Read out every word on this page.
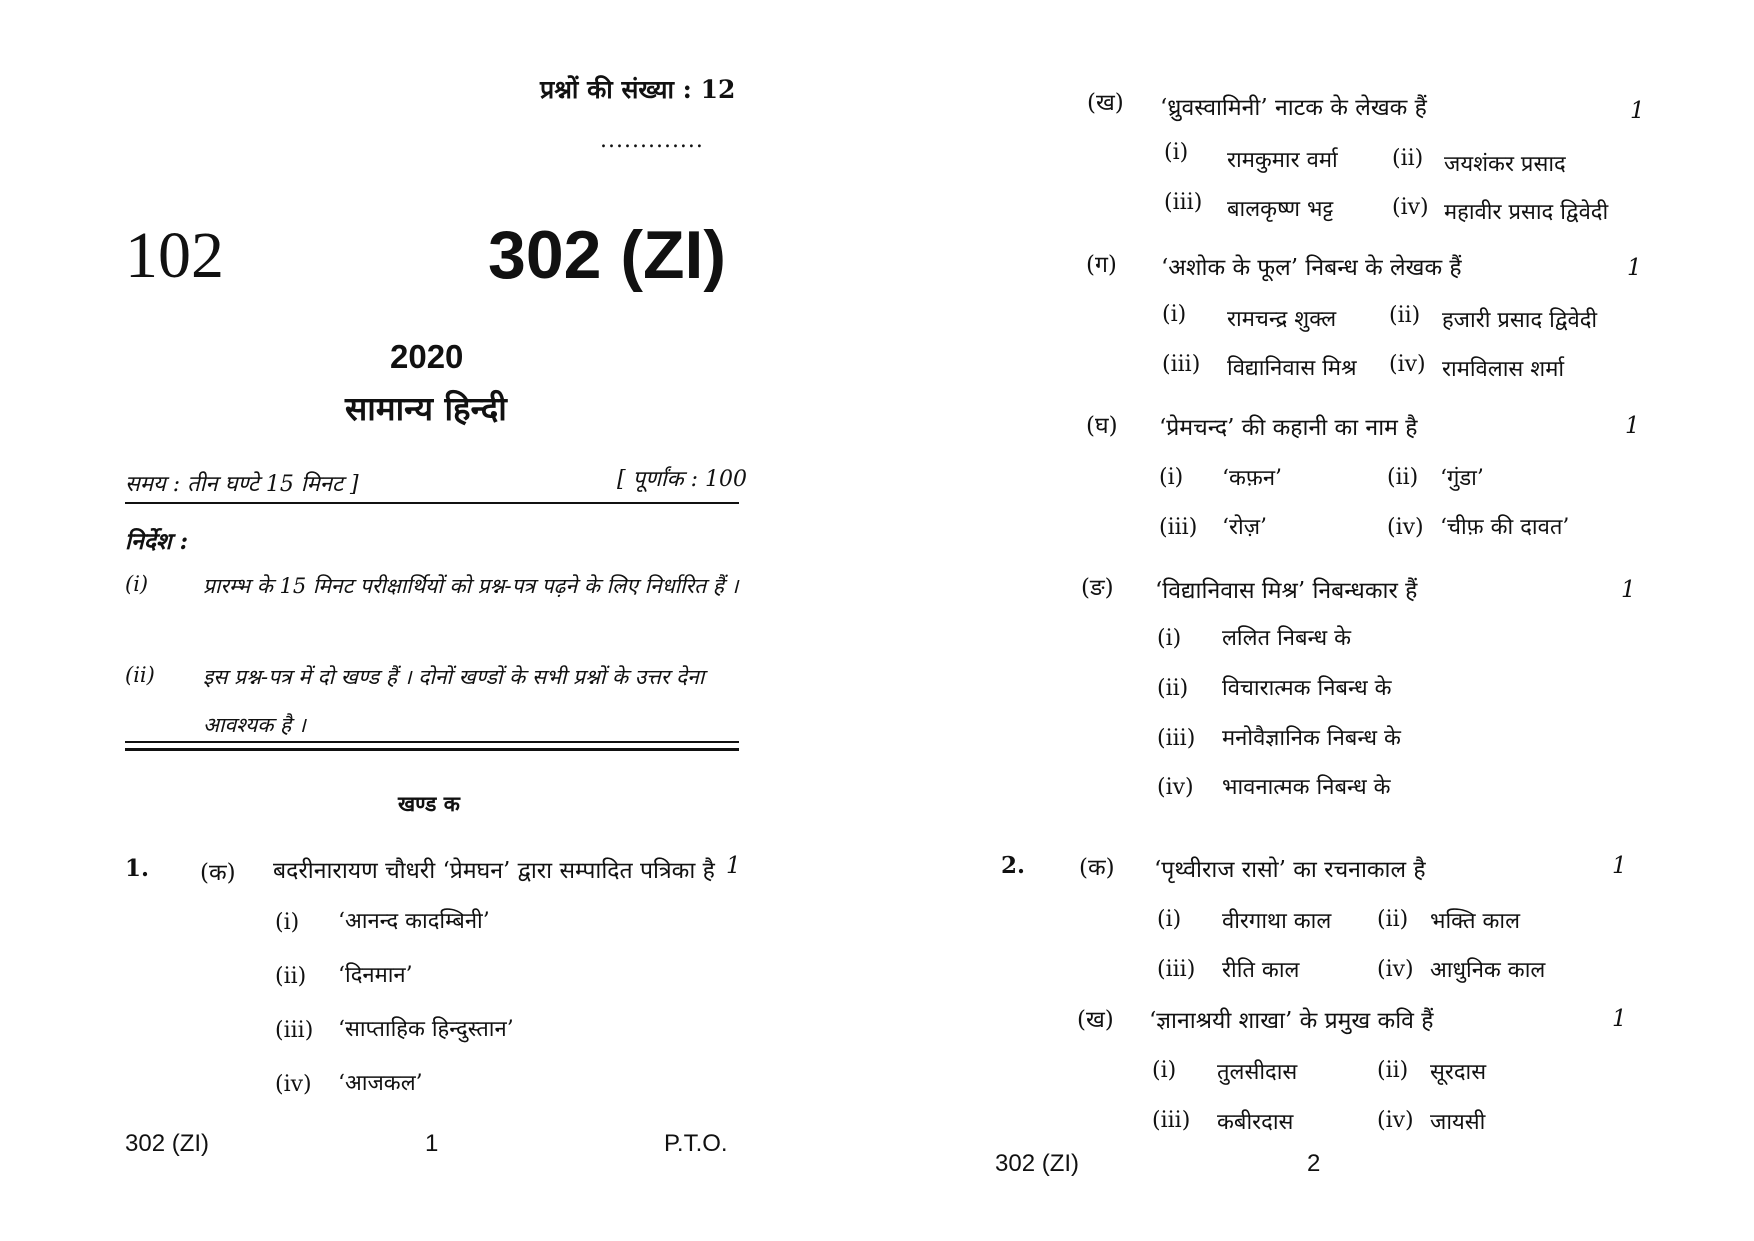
प्रश्नों की संख्या : 12
.............
102	302 (ZI)
2020
सामान्य हिन्दी
समय : तीन घण्टे 15 मिनट ]	[ पूर्णांक : 100
निर्देश :
(i)	प्रारम्भ के 15 मिनट परीक्षार्थियों को प्रश्न-पत्र पढ़ने के लिए निर्धारित हैं ।
(ii) इस प्रश्न-पत्र में दो खण्ड हैं । दोनों खण्डों के सभी प्रश्नों के उत्तर देना आवश्यक है ।
खण्ड क
1. (क) बदरीनारायण चौधरी ‘प्रेमघन’ द्वारा सम्पादित पत्रिका है 1
(i) ‘आनन्द कादम्बिनी’
(ii) ‘दिनमान’
(iii) ‘साप्ताहिक हिन्दुस्तान’
(iv) ‘आजकल’
302 (ZI)	1	P.T.O.
(ख) ‘ध्रुवस्वामिनी’ नाटक के लेखक हैं	1
(i) रामकुमार वर्मा (ii) जयशंकर प्रसाद
(iii) बालकृष्ण भट्ट	(iv) महावीर प्रसाद द्विवेदी
(ग) ‘अशोक के फूल’ निबन्ध के लेखक हैं	1
(i) रामचन्द्र शुक्ल (ii) हजारी प्रसाद द्विवेदी
(iii) विद्यानिवास मिश्र (iv) रामविलास शर्मा
(घ) ‘प्रेमचन्द’ की कहानी का नाम है	1
(i) ‘कफ़न’	(ii) ‘गुंडा’
(iii) ‘रोज़’	(iv) ‘चीफ़ की दावत’
(ङ) ‘विद्यानिवास मिश्र’ निबन्धकार हैं	1
(i) ललित निबन्ध के
(ii) विचारात्मक निबन्ध के
(iii) मनोवैज्ञानिक निबन्ध के
(iv) भावनात्मक निबन्ध के
2. (क) ‘पृथ्वीराज रासो’ का रचनाकाल है	1
(i) वीरगाथा काल (ii) भक्ति काल
(iii) रीति काल	(iv) आधुनिक काल
(ख) ‘ज्ञानाश्रयी शाखा’ के प्रमुख कवि हैं	1
(i) तुलसीदास	(ii) सूरदास
(iii) कबीरदास	(iv) जायसी
302 (ZI)	2
